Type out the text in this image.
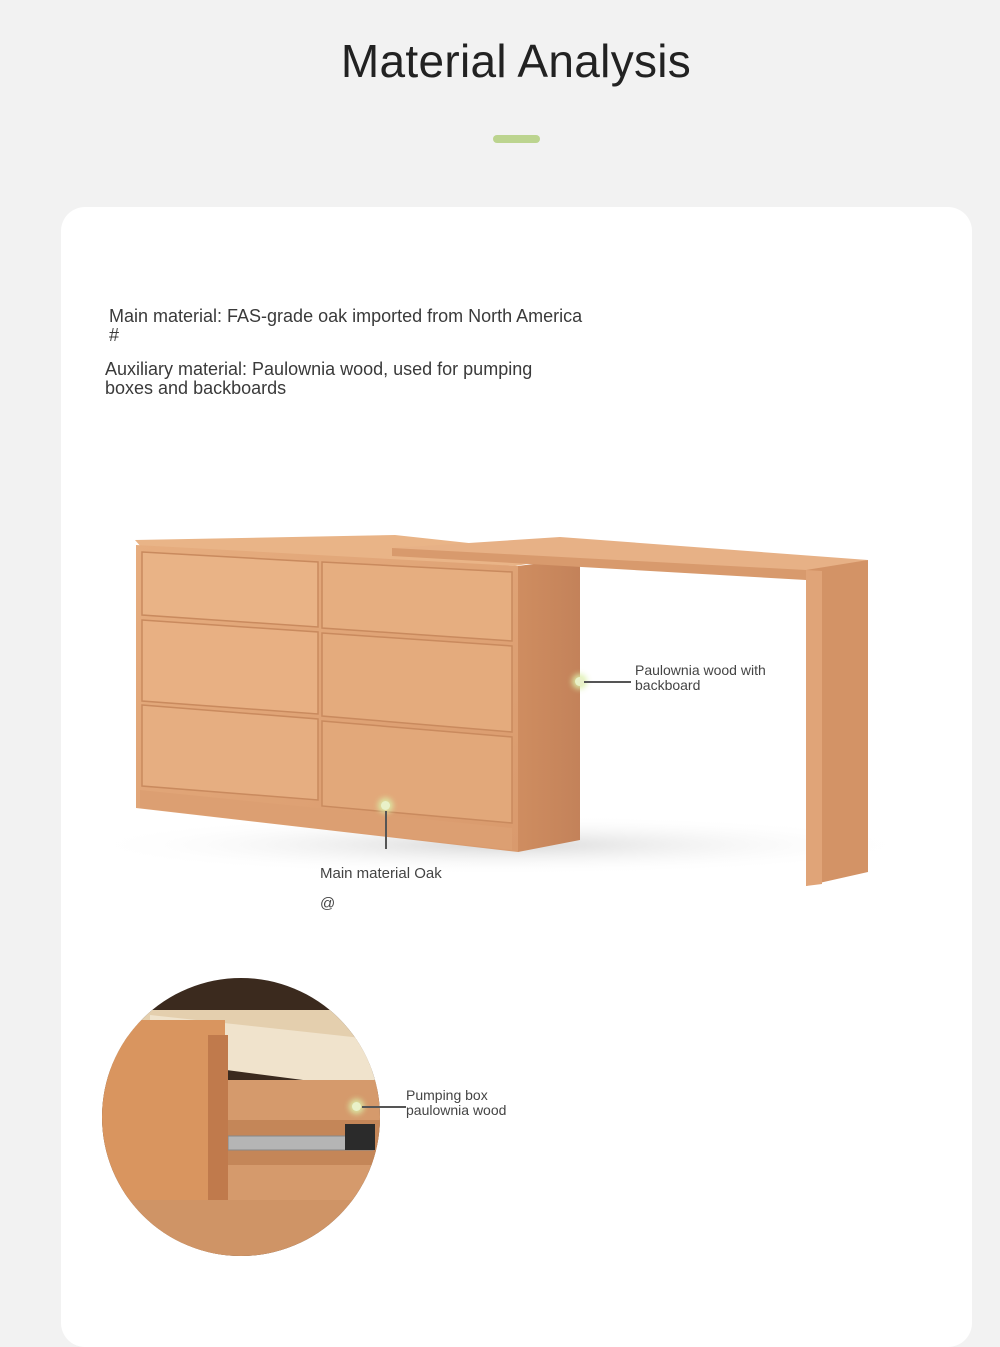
Material Analysis
Main material: FAS-grade oak imported from North America #
Auxiliary material: Paulownia wood, used for pumping boxes and backboards
Paulownia wood with backboard
Main material Oak
@
Pumping box paulownia wood
